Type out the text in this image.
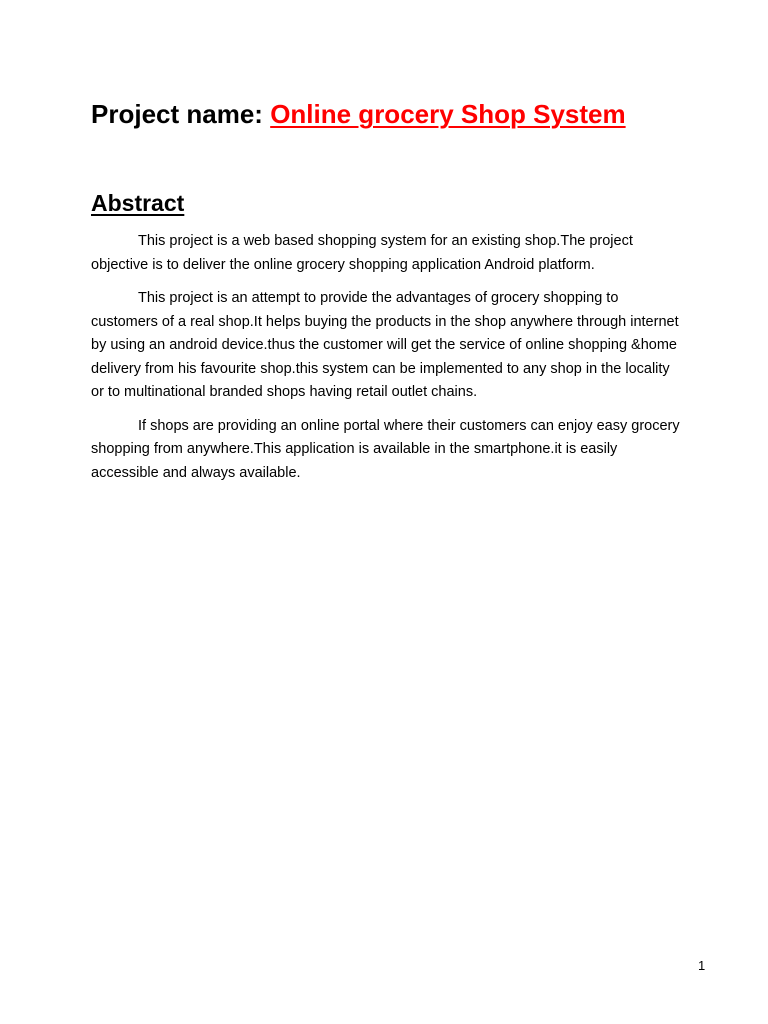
Project name: Online grocery Shop System
Abstract

This project is a web based shopping system for an existing shop.The project objective is to deliver the online grocery shopping application Android platform.

This project is an attempt to provide the advantages of grocery shopping to customers of a real shop.It helps buying the products in the shop anywhere through internet by using an android device.thus the customer will get the service of online shopping &home delivery from his favourite shop.this system can be implemented to any shop in the locality or to multinational branded shops having retail outlet chains.

If shops are providing an online portal where their customers can enjoy easy grocery shopping from anywhere.This application is available in the smartphone.it is easily accessible and always available.

1
